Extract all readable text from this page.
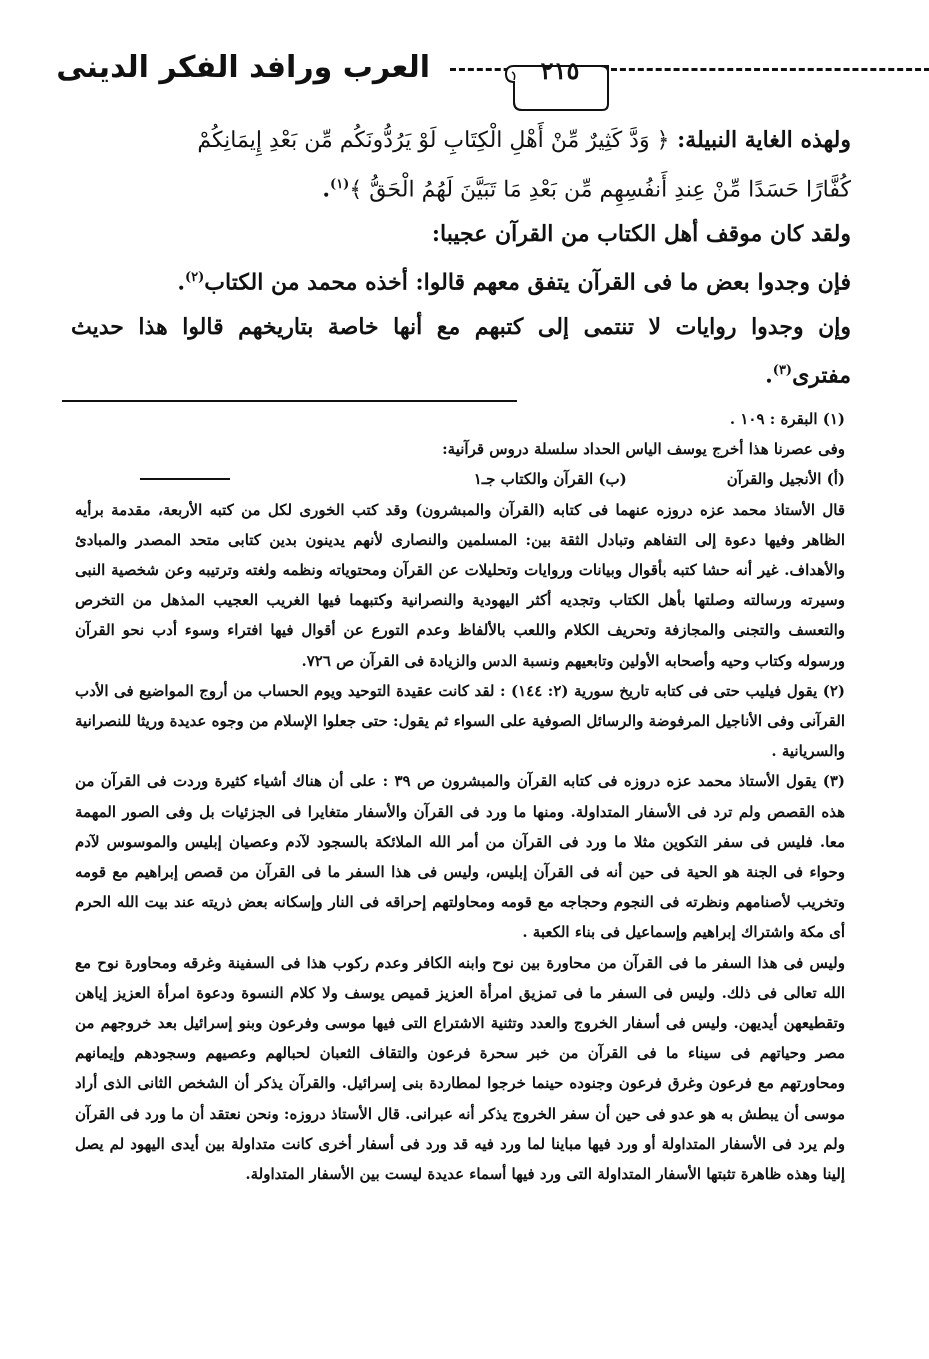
٢١٥
العرب ورافد الفكر الدينى

ولهذه الغاية النبيلة: ﴿ وَدَّ كَثِيرٌ مِّنْ أَهْلِ الْكِتَابِ لَوْ يَرُدُّونَكُم مِّن بَعْدِ إِيمَانِكُمْ

كُفَّارًا حَسَدًا مِّنْ عِندِ أَنفُسِهِم مِّن بَعْدِ مَا تَبَيَّنَ لَهُمُ الْحَقُّ ﴾$^{(١)}$.

ولقد كان موقف أهل الكتاب من القرآن عجيبا:

فإن وجدوا بعض ما فى القرآن يتفق معهم قالوا: أخذه محمد من الكتاب$^{(٢)}$.

وإن وجدوا روايات لا تنتمى إلى كتبهم مع أنها خاصة بتاريخهم قالوا هذا حديث مفترى$^{(٣)}$.

(١) البقرة : ١٠٩ .

وفى عصرنا هذا أخرج يوسف الياس الحداد سلسلة دروس قرآنية:

(أ) الأنجيل والقرآن
(ب) القرآن والكتاب جـ١

قال الأستاذ محمد عزه دروزه عنهما فى كتابه (القرآن والمبشرون) وقد كتب الخورى لكل من كتبه الأربعة، مقدمة برأيه الظاهر وفيها دعوة إلى التفاهم وتبادل الثقة بين: المسلمين والنصارى لأنهم يدينون بدين كتابى متحد المصدر والمبادئ والأهداف. غير أنه حشا كتبه بأقوال وبيانات وروايات وتحليلات عن القرآن ومحتوياته ونظمه ولغته وترتيبه وعن شخصية النبى وسيرته ورسالته وصلتها بأهل الكتاب وتجديه أكثر اليهودية والنصرانية وكتبهما فيها الغريب العجيب المذهل من التخرص والتعسف والتجنى والمجازفة وتحريف الكلام واللعب بالألفاظ وعدم التورع عن أقوال فيها افتراء وسوء أدب نحو القرآن ورسوله وكتاب وحيه وأصحابه الأولين وتابعيهم ونسبة الدس والزيادة فى القرآن ص ٧٢٦.

(٢) يقول فيليب حتى فى كتابه تاريخ سورية (٢: ١٤٤) : لقد كانت عقيدة التوحيد ويوم الحساب من أروج المواضيع فى الأدب القرآنى وفى الأناجيل المرفوضة والرسائل الصوفية على السواء ثم يقول: حتى جعلوا الإسلام من وجوه عديدة وريثا للنصرانية والسريانية .

(٣) يقول الأستاذ محمد عزه دروزه فى كتابه القرآن والمبشرون ص ٣٩ : على أن هناك أشياء كثيرة وردت فى القرآن من هذه القصص ولم ترد فى الأسفار المتداولة. ومنها ما ورد فى القرآن والأسفار متغايرا فى الجزئيات بل وفى الصور المهمة معا. فليس فى سفر التكوين مثلا ما ورد فى القرآن من أمر الله الملائكة بالسجود لآدم وعصيان إبليس والموسوس لآدم وحواء فى الجنة هو الحية فى حين أنه فى القرآن إبليس، وليس فى هذا السفر ما فى القرآن من قصص إبراهيم مع قومه وتخريب لأصنامهم ونظرته فى النجوم وحجاجه مع قومه ومحاولتهم إحراقه فى النار وإسكانه بعض ذريته عند بيت الله الحرم أى مكة واشتراك إبراهيم وإسماعيل فى بناء الكعبة .

وليس فى هذا السفر ما فى القرآن من محاورة بين نوح وابنه الكافر وعدم ركوب هذا فى السفينة وغرقه ومحاورة نوح مع الله تعالى فى ذلك. وليس فى السفر ما فى تمزيق امرأة العزيز قميص يوسف ولا كلام النسوة ودعوة امرأة العزيز إياهن وتقطيعهن أيديهن. وليس فى أسفار الخروج والعدد وتثنية الاشتراع التى فيها موسى وفرعون وبنو إسرائيل بعد خروجهم من مصر وحياتهم فى سيناء ما فى القرآن من خبر سحرة فرعون والتقاف الثعبان لحبالهم وعصيهم وسجودهم وإيمانهم ومحاورتهم مع فرعون وغرق فرعون وجنوده حينما خرجوا لمطاردة بنى إسرائيل. والقرآن يذكر أن الشخص الثانى الذى أراد موسى أن يبطش به هو عدو فى حين أن سفر الخروج يذكر أنه عبرانى. قال الأستاذ دروزه: ونحن نعتقد أن ما ورد فى القرآن ولم يرد فى الأسفار المتداولة أو ورد فيها مباينا لما ورد فيه قد ورد فى أسفار أخرى كانت متداولة بين أيدى اليهود لم يصل إلينا وهذه ظاهرة تثبتها الأسفار المتداولة التى ورد فيها أسماء عديدة ليست بين الأسفار المتداولة.
